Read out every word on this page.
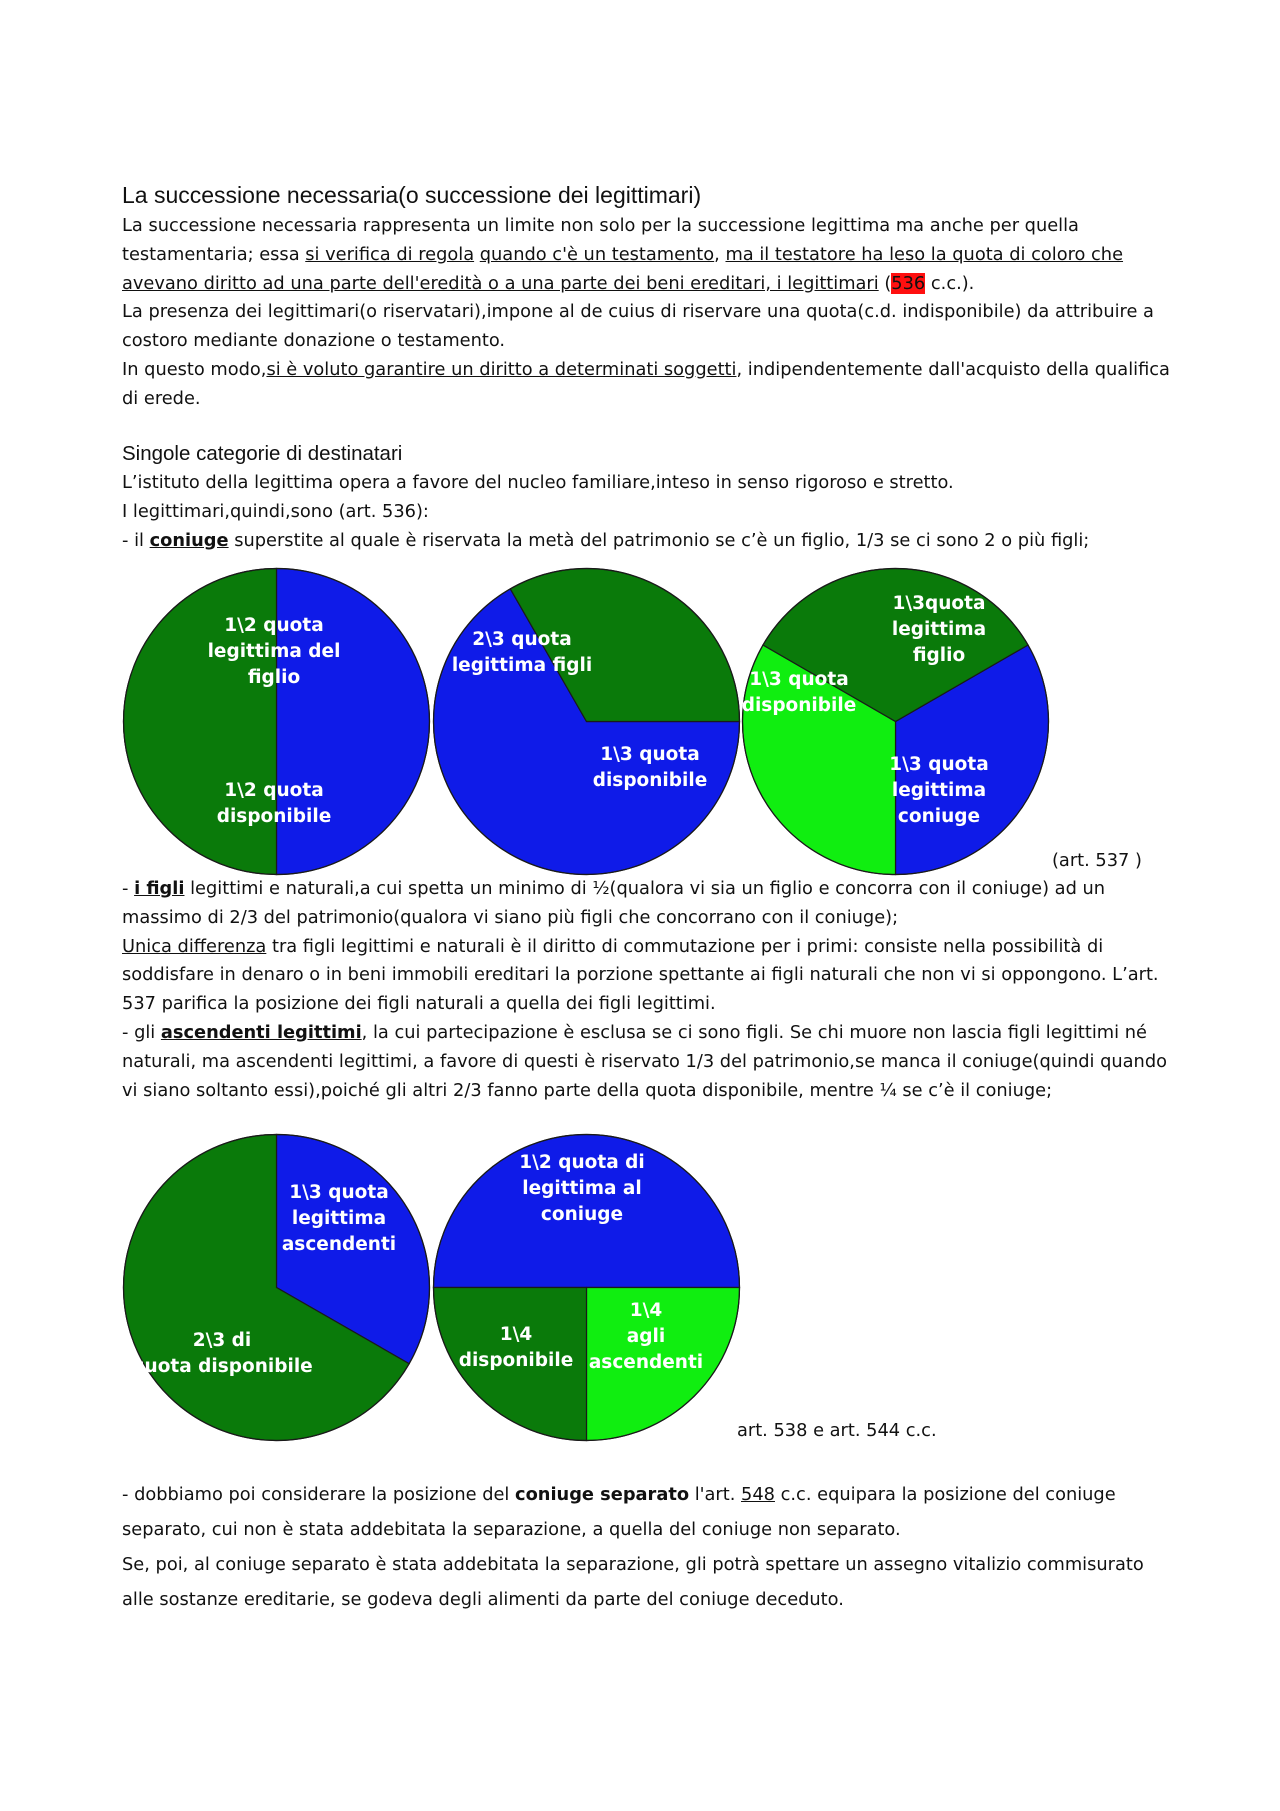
La successione necessaria(o successione dei legittimari)

La successione necessaria rappresenta un limite non solo per la successione legittima ma anche per quella testamentaria; essa si verifica di regola quando c'è un testamento, ma il testatore ha leso la quota di coloro che avevano diritto ad una parte dell'eredità o a una parte dei beni ereditari, i legittimari (536 c.c.).

La presenza dei legittimari(o riservatari),impone al de cuius di riservare una quota(c.d. indisponibile) da attribuire a costoro mediante donazione o testamento.

In questo modo,si è voluto garantire un diritto a determinati soggetti, indipendentemente dall'acquisto della qualifica di erede.

Singole categorie di destinatari

L’istituto della legittima opera a favore del nucleo familiare,inteso in senso rigoroso e stretto.

I legittimari,quindi,sono (art. 536):

- il coniuge superstite al quale è riservata la metà del patrimonio se c’è un figlio, 1/3 se ci sono 2 o più figli;

1\2 quota legittima del figlio
1\2 quota disponibile
2\3 quota legittima figli
1\3 quota disponibile
1\3quota legittima figlio
1\3 quota legittima coniuge
1\3 quota disponibile
(art. 537 )

- i figli legittimi e naturali,a cui spetta un minimo di ½(qualora vi sia un figlio e concorra con il coniuge) ad un massimo di 2/3 del patrimonio(qualora vi siano più figli che concorrano con il coniuge);

Unica differenza tra figli legittimi e naturali è il diritto di commutazione per i primi: consiste nella possibilità di soddisfare in denaro o in beni immobili ereditari la porzione spettante ai figli naturali che non vi si oppongono. L’art. 537 parifica la posizione dei figli naturali a quella dei figli legittimi.

- gli ascendenti legittimi, la cui partecipazione è esclusa se ci sono figli. Se chi muore non lascia figli legittimi né naturali, ma ascendenti legittimi, a favore di questi è riservato 1/3 del patrimonio,se manca il coniuge(quindi quando vi siano soltanto essi),poiché gli altri 2/3 fanno parte della quota disponibile, mentre ¼ se c’è il coniuge;

1\3 quota legittima ascendenti
2\3 di quota disponibile
1\2 quota di legittima al coniuge
1\4 agli ascendenti
1\4 disponibile
art. 538 e art. 544 c.c.

- dobbiamo poi considerare la posizione del coniuge separato l'art. 548 c.c. equipara la posizione del coniuge separato, cui non è stata addebitata la separazione, a quella del coniuge non separato.

Se, poi, al coniuge separato è stata addebitata la separazione, gli potrà spettare un assegno vitalizio commisurato alle sostanze ereditarie, se godeva degli alimenti da parte del coniuge deceduto.
